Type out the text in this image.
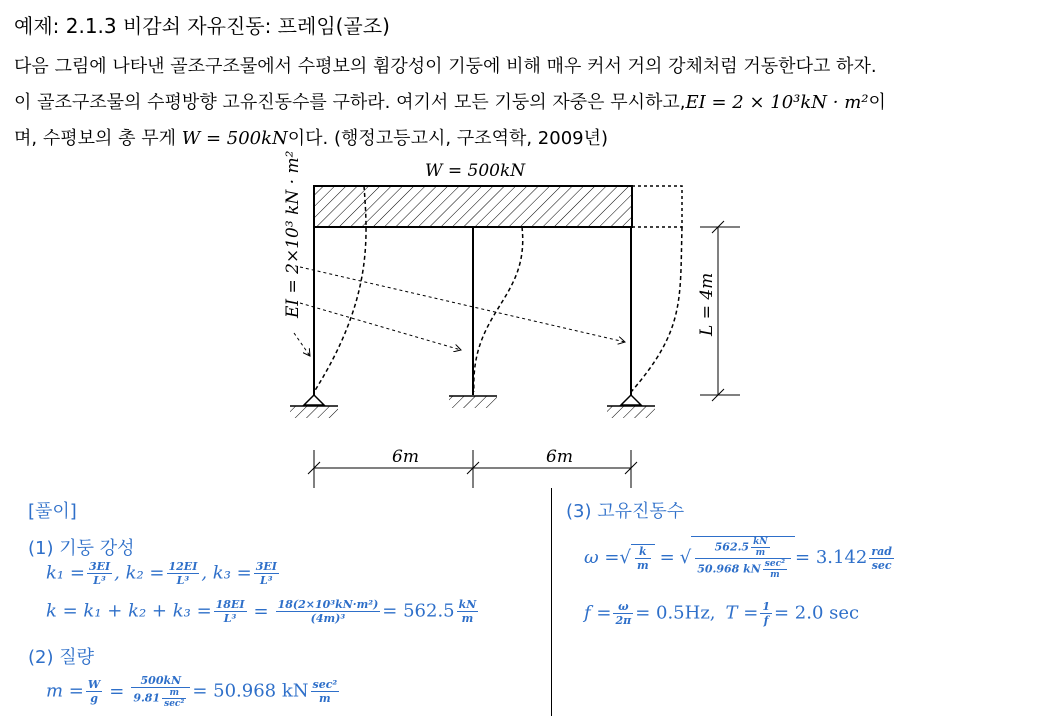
예제: 2.1.3 비감쇠 자유진동: 프레임(골조)
다음 그림에 나타낸 골조구조물에서 수평보의 휨강성이 기둥에 비해 매우 커서 거의 강체처럼 거동한다고 하자.
이 골조구조물의 수평방향 고유진동수를 구하라. 여기서 모든 기둥의 자중은 무시하고,EI = 2 × 10³kN · m²이
며, 수평보의 총 무게 W = 500kN이다. (행정고등고시, 구조역학, 2009년)
W = 500kN
EI = 2×10³ kN · m²	L = 4m
6m	6m
[풀이]
(1) 기둥 강성
$k_1 = \frac{3EI}{\text{L³}}$ , $k_2 = \frac{12EI}{\text{L³}}$ , $k_3 = \frac{3EI}{\text{L³}}$
$k = k_1 + k_2 + k_3 = \frac{18EI}{\text{L³}} = \frac{\text{18(2×10³kN·m²)}}{\text{(4m)³}} = 562.5 \frac{kN}{m}$
(2) 질량
$m = \frac{W}{g} = \frac{500kN}{9.81 \frac{m}{\text{sec²}}} = 50.968$ kN $\frac{\text{sec²}}{m}$
(3) 고유진동수
ω =√ $\frac{k}{m}$ = √ $\frac{562.5 \frac{kN}{m}}{50.968 kN \frac{\text{sec²}}{m}} = 3.142 \frac{\text{rad}}{\sec}$
$f = \frac{\omega}{2\pi} = 0.5Hz$, $T = \frac{1}{f} = 2.0$ sec
